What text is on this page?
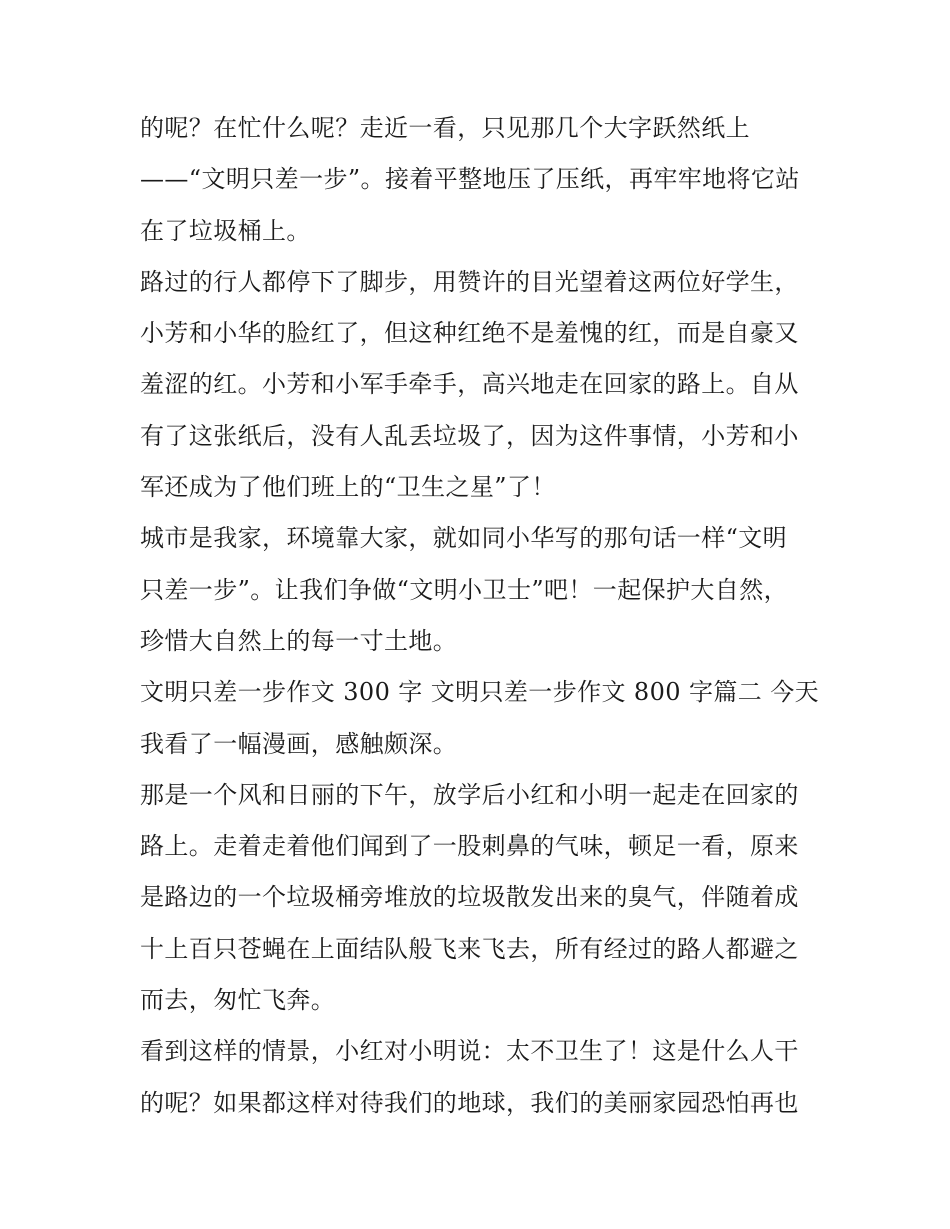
的呢？在忙什么呢？走近一看，只见那几个大字跃然纸上
——“文明只差一步”。接着平整地压了压纸，再牢牢地将它站
在了垃圾桶上。
路过的行人都停下了脚步，用赞许的目光望着这两位好学生，
小芳和小华的脸红了，但这种红绝不是羞愧的红，而是自豪又
羞涩的红。小芳和小军手牵手，高兴地走在回家的路上。自从
有了这张纸后，没有人乱丢垃圾了，因为这件事情，小芳和小
军还成为了他们班上的“卫生之星”了！
城市是我家，环境靠大家，就如同小华写的那句话一样“文明
只差一步”。让我们争做“文明小卫士”吧！一起保护大自然，
珍惜大自然上的每一寸土地。
文明只差一步作文 300 字 文明只差一步作文 800 字篇二 今天
我看了一幅漫画，感触颇深。
那是一个风和日丽的下午，放学后小红和小明一起走在回家的
路上。走着走着他们闻到了一股刺鼻的气味，顿足一看，原来
是路边的一个垃圾桶旁堆放的垃圾散发出来的臭气，伴随着成
十上百只苍蝇在上面结队般飞来飞去，所有经过的路人都避之
而去，匆忙飞奔。
看到这样的情景，小红对小明说：太不卫生了！这是什么人干
的呢？如果都这样对待我们的地球，我们的美丽家园恐怕再也
